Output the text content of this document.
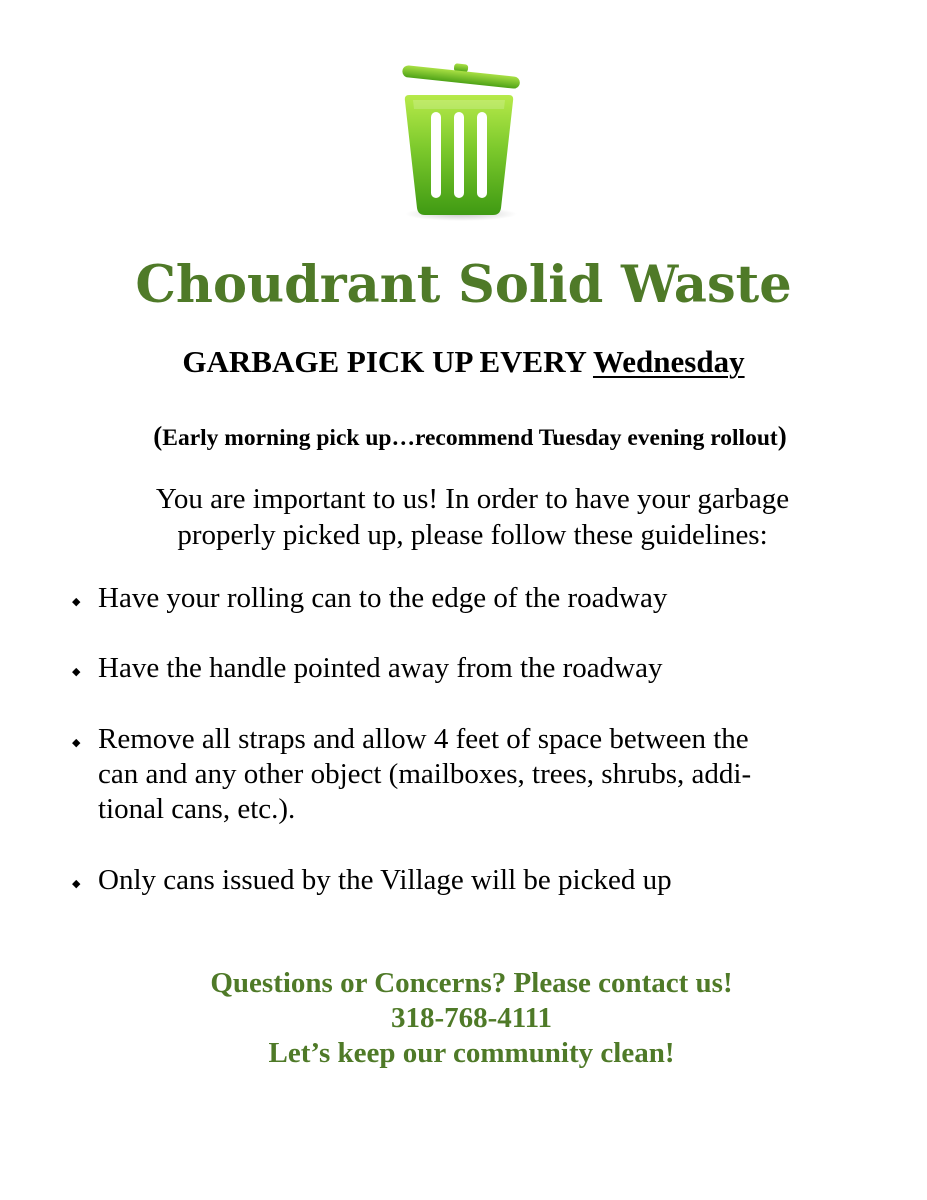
Choudrant Solid Waste
GARBAGE PICK UP EVERY Wednesday
(Early morning pick up…recommend Tuesday evening rollout)
You are important to us! In order to have your garbage
properly picked up, please follow these guidelines:
◆ Have your rolling can to the edge of the roadway
◆ Have the handle pointed away from the roadway
◆ Remove all straps and allow 4 feet of space between the
can and any other object (mailboxes, trees, shrubs, addi-
tional cans, etc.).
◆ Only cans issued by the Village will be picked up
Questions or Concerns? Please contact us!
318-768-4111
Let’s keep our community clean!
